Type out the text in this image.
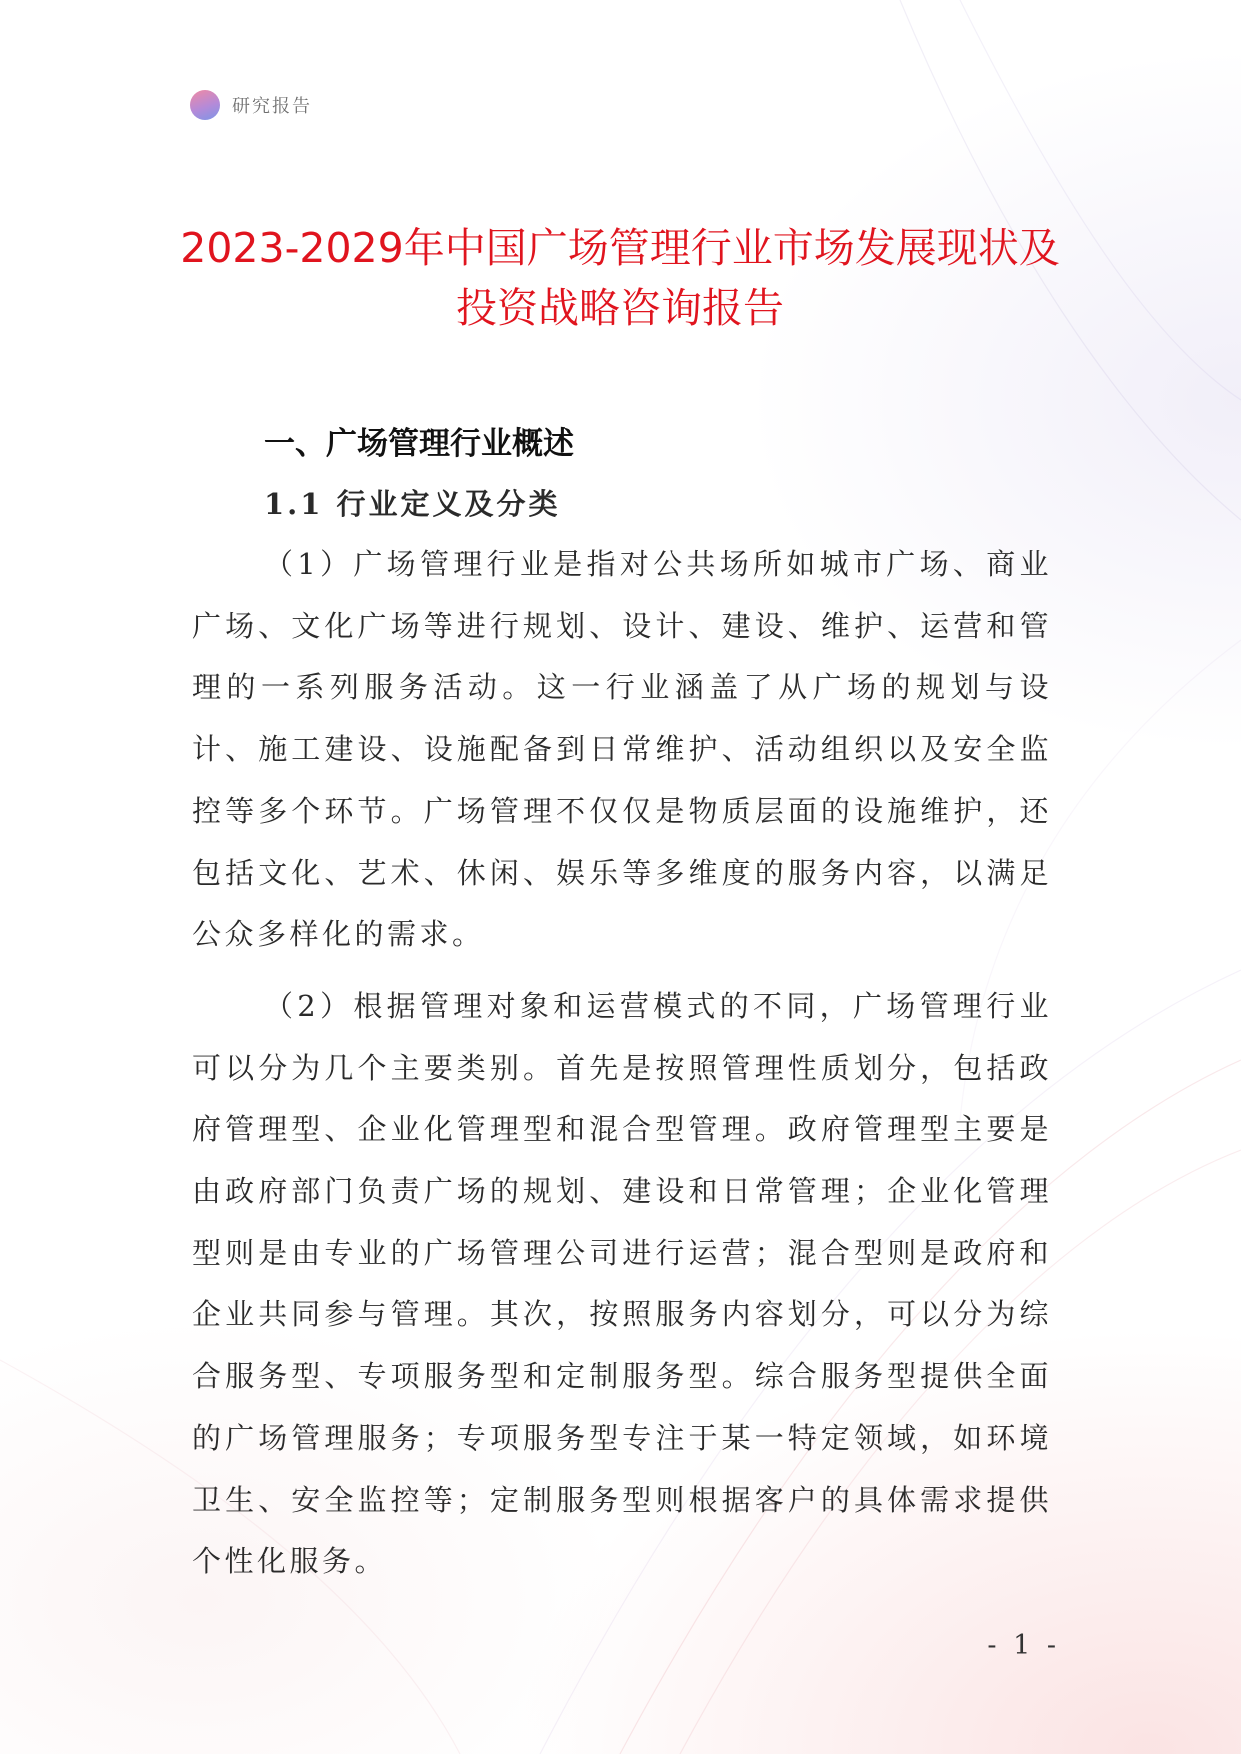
研究报告
2023-2029年中国广场管理行业市场发展现状及投资战略咨询报告
一、广场管理行业概述
1.1 行业定义及分类

（1）广场管理行业是指对公共场所如城市广场、商业广场、文化广场等进行规划、设计、建设、维护、运营和管理的一系列服务活动。这一行业涵盖了从广场的规划与设计、施工建设、设施配备到日常维护、活动组织以及安全监控等多个环节。广场管理不仅仅是物质层面的设施维护，还包括文化、艺术、休闲、娱乐等多维度的服务内容，以满足公众多样化的需求。

（2）根据管理对象和运营模式的不同，广场管理行业可以分为几个主要类别。首先是按照管理性质划分，包括政府管理型、企业化管理型和混合型管理。政府管理型主要是由政府部门负责广场的规划、建设和日常管理；企业化管理型则是由专业的广场管理公司进行运营；混合型则是政府和企业共同参与管理。其次，按照服务内容划分，可以分为综合服务型、专项服务型和定制服务型。综合服务型提供全面的广场管理服务；专项服务型专注于某一特定领域，如环境卫生、安全监控等；定制服务型则根据客户的具体需求提供个性化服务。

- 1 -
